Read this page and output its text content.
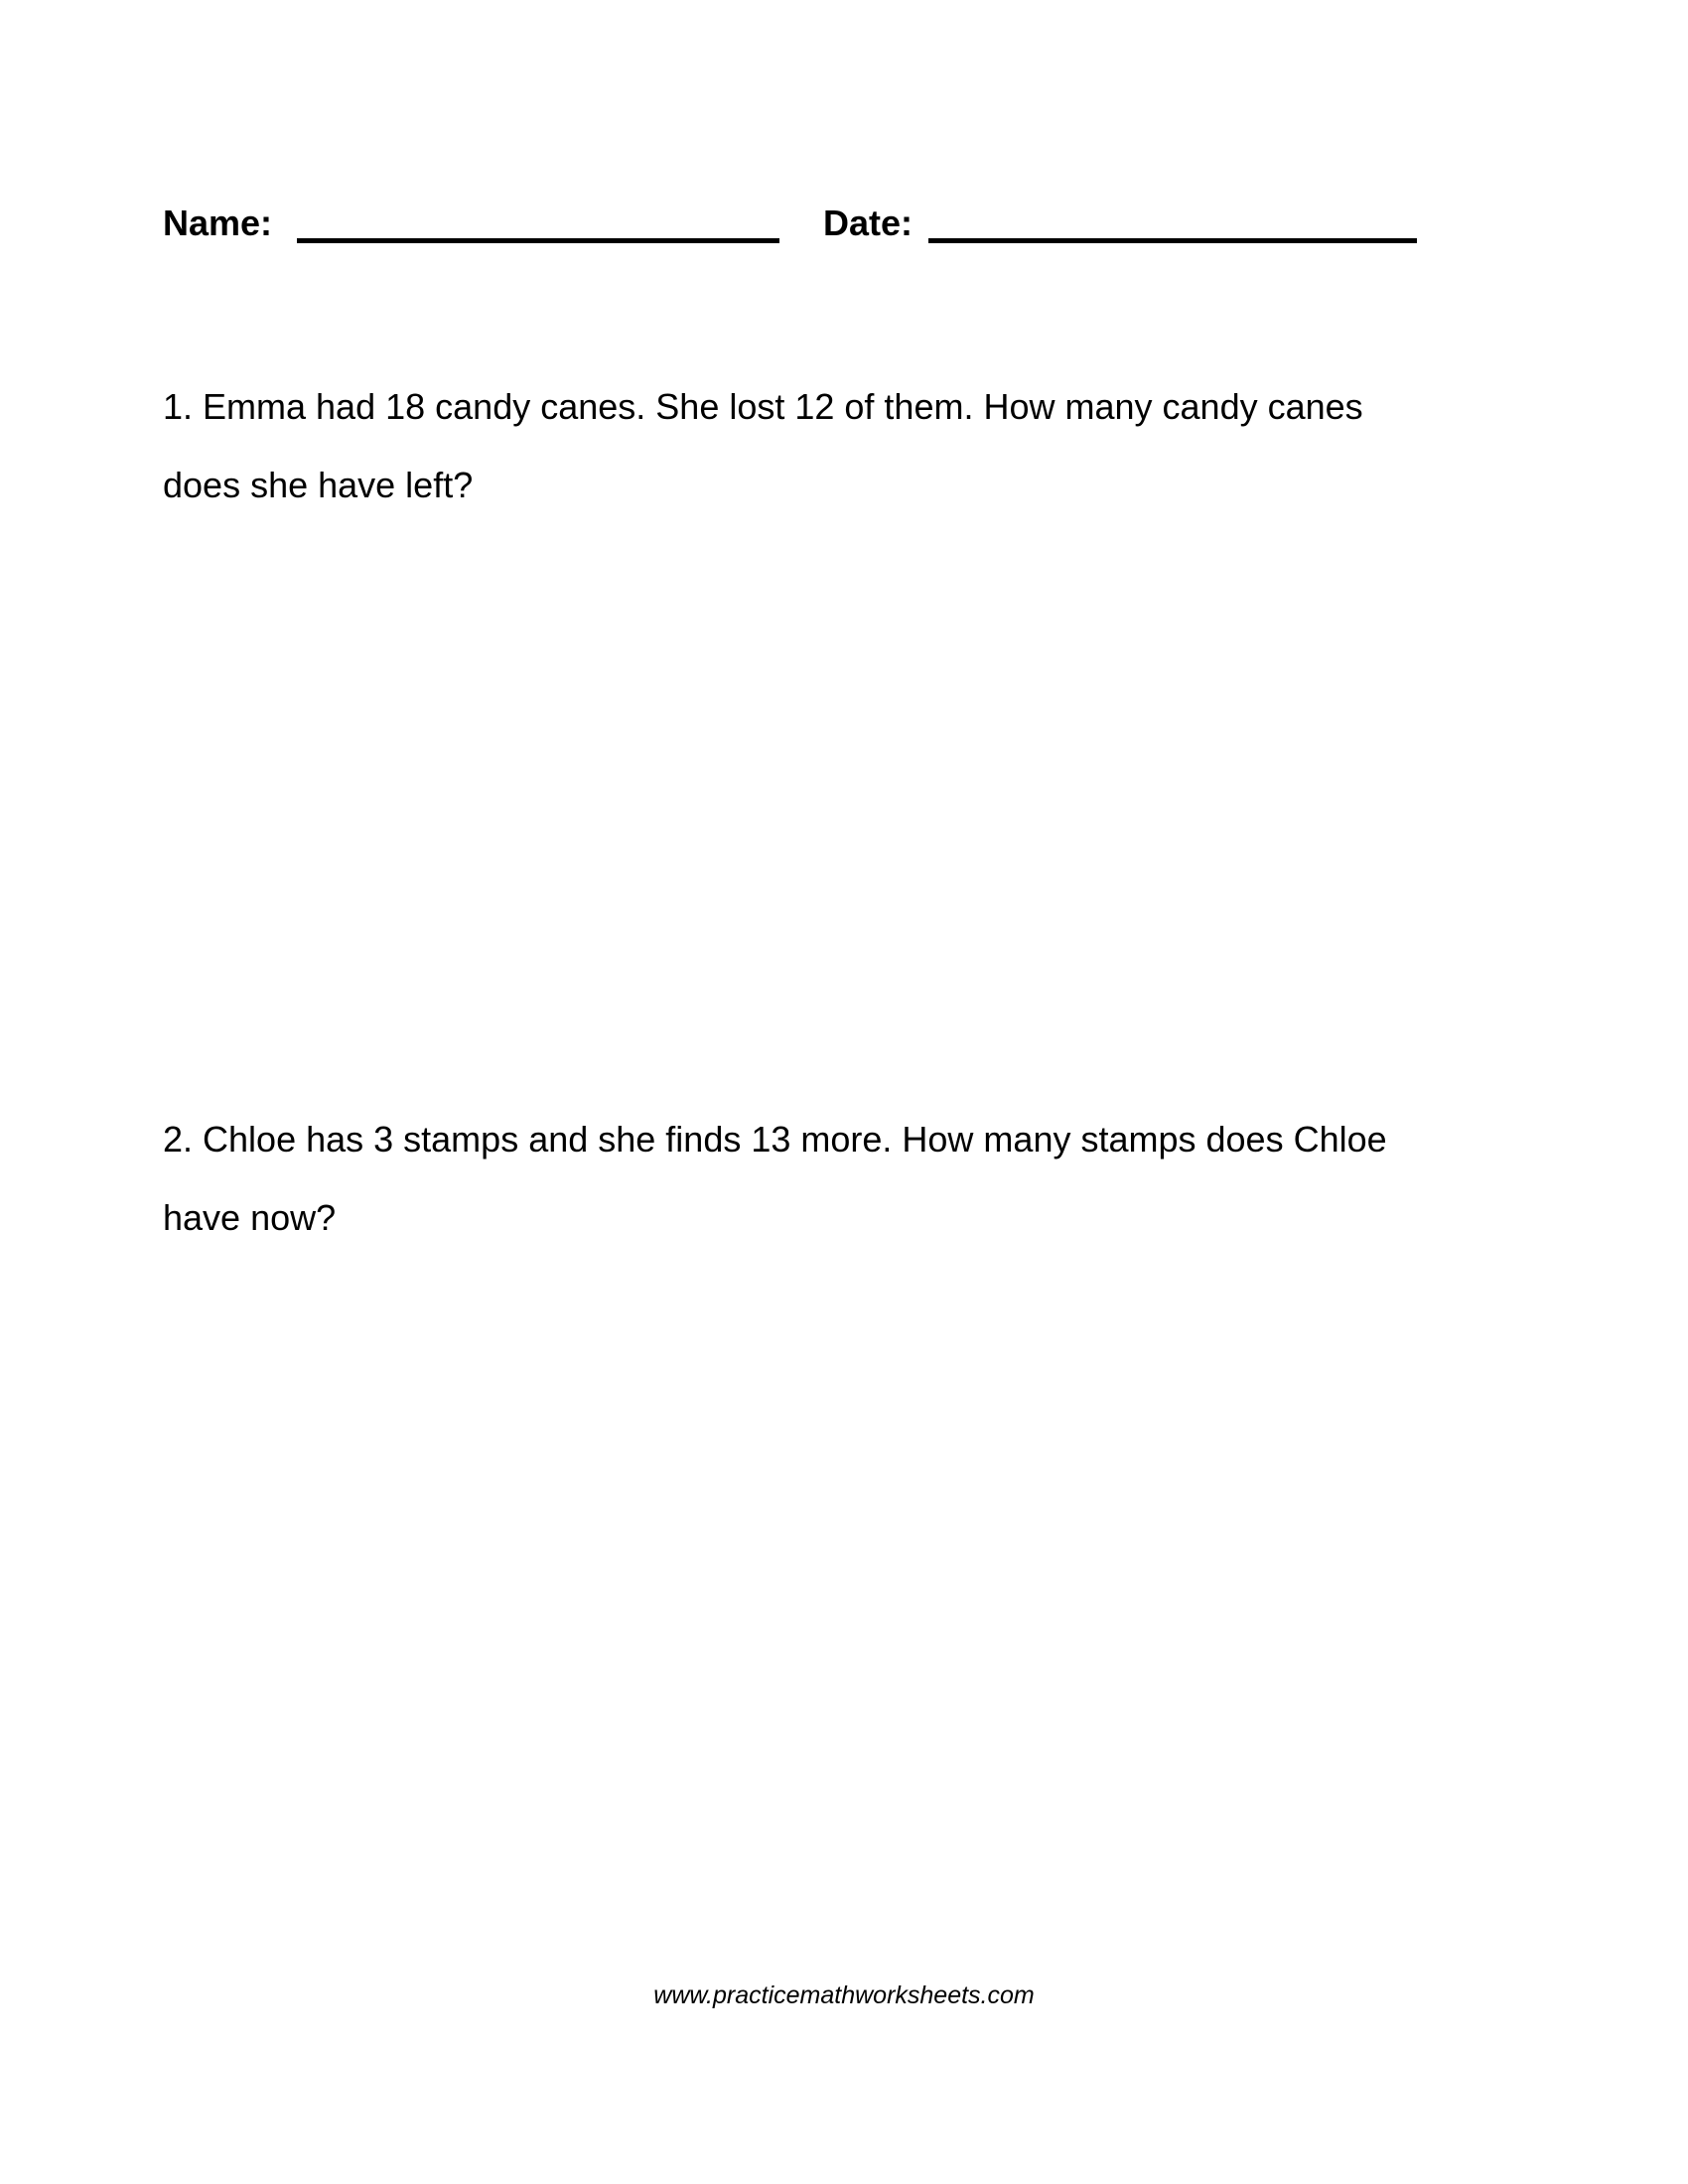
Name:	Date:
1. Emma had 18 candy canes. She lost 12 of them. How many candy canes
does she have left?
2. Chloe has 3 stamps and she finds 13 more. How many stamps does Chloe
have now?
www.practicemathworksheets.com
